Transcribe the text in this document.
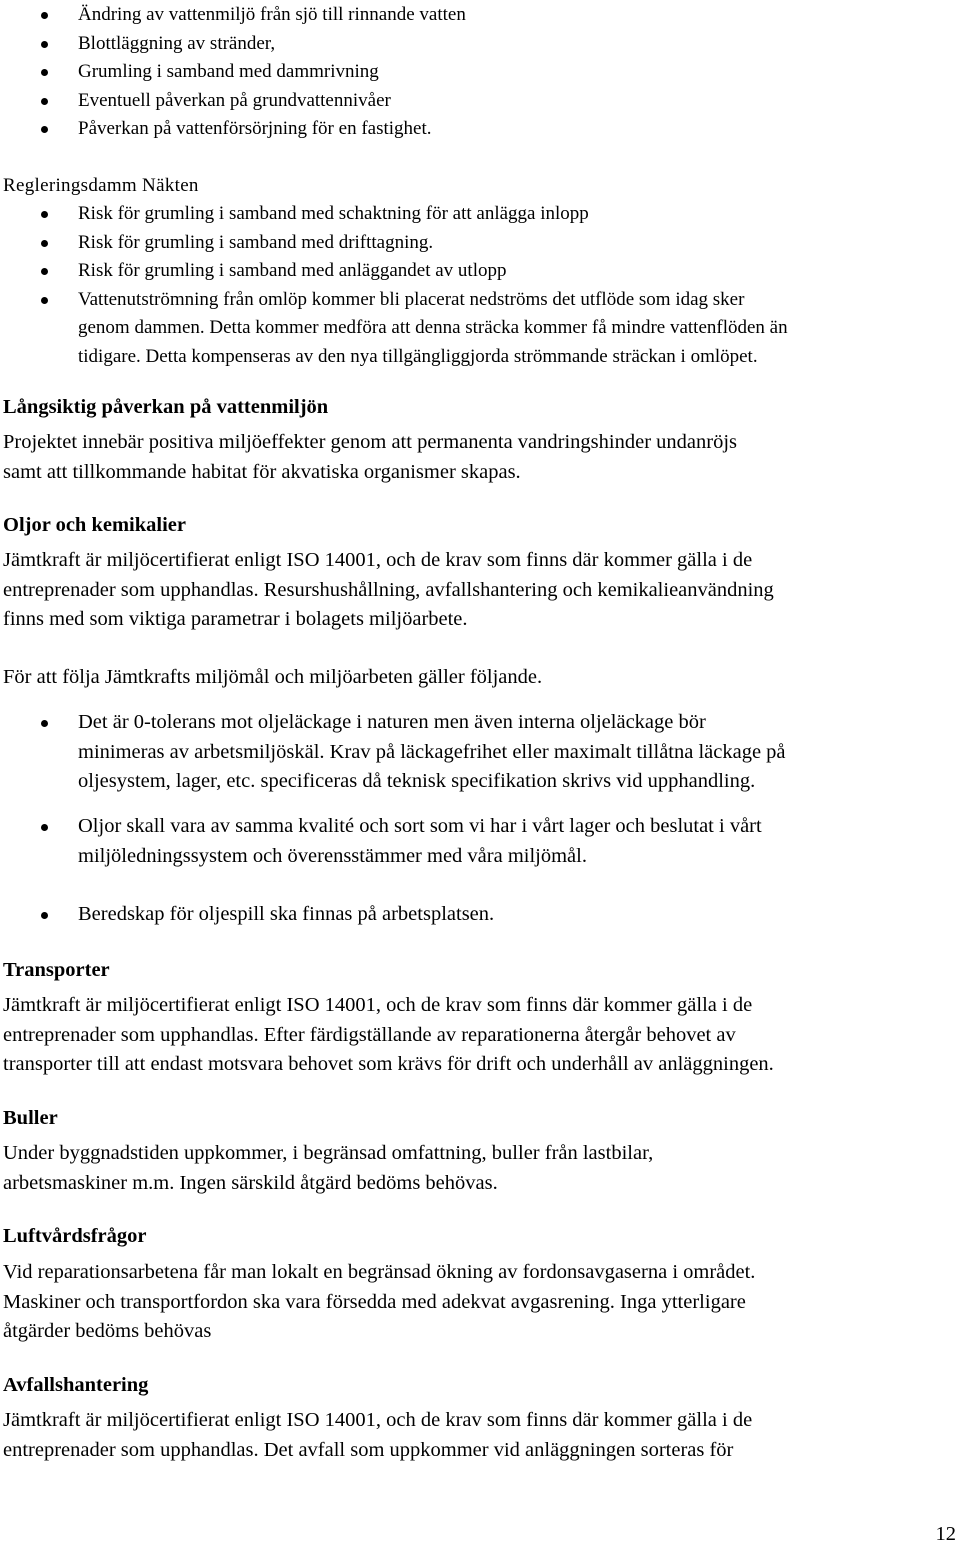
Ändring av vattenmiljö från sjö till rinnande vatten
Blottläggning av stränder,
Grumling i samband med dammrivning
Eventuell påverkan på grundvattennivåer
Påverkan på vattenförsörjning för en fastighet.
Regleringsdamm Näkten
Risk för grumling i samband med schaktning för att anlägga inlopp
Risk för grumling i samband med drifttagning.
Risk för grumling i samband med anläggandet av utlopp
Vattenutströmning från omlöp kommer bli placerat nedströms det utflöde som idag sker
genom dammen. Detta kommer medföra att denna sträcka kommer få mindre vattenflöden än
tidigare. Detta kompenseras av den nya tillgängliggjorda strömmande sträckan i omlöpet.
Långsiktig påverkan på vattenmiljön

Projektet innebär positiva miljöeffekter genom att permanenta vandringshinder undanröjs
samt att tillkommande habitat för akvatiska organismer skapas.

Oljor och kemikalier

Jämtkraft är miljöcertifierat enligt ISO 14001, och de krav som finns där kommer gälla i de
entreprenader som upphandlas. Resurshushållning, avfallshantering och kemikalieanvändning
finns med som viktiga parametrar i bolagets miljöarbete.

För att följa Jämtkrafts miljömål och miljöarbeten gäller följande.

Det är 0-tolerans mot oljeläckage i naturen men även interna oljeläckage bör
minimeras av arbetsmiljöskäl. Krav på läckagefrihet eller maximalt tillåtna läckage på
oljesystem, lager, etc. specificeras då teknisk specifikation skrivs vid upphandling.
Oljor skall vara av samma kvalité och sort som vi har i vårt lager och beslutat i vårt
miljöledningssystem och överensstämmer med våra miljömål.
Beredskap för oljespill ska finnas på arbetsplatsen.
Transporter

Jämtkraft är miljöcertifierat enligt ISO 14001, och de krav som finns där kommer gälla i de
entreprenader som upphandlas. Efter färdigställande av reparationerna återgår behovet av
transporter till att endast motsvara behovet som krävs för drift och underhåll av anläggningen.

Buller

Under byggnadstiden uppkommer, i begränsad omfattning, buller från lastbilar,
arbetsmaskiner m.m. Ingen särskild åtgärd bedöms behövas.

Luftvårdsfrågor

Vid reparationsarbetena får man lokalt en begränsad ökning av fordonsavgaserna i området.
Maskiner och transportfordon ska vara försedda med adekvat avgasrening. Inga ytterligare
åtgärder bedöms behövas

Avfallshantering

Jämtkraft är miljöcertifierat enligt ISO 14001, och de krav som finns där kommer gälla i de
entreprenader som upphandlas. Det avfall som uppkommer vid anläggningen sorteras för

12
